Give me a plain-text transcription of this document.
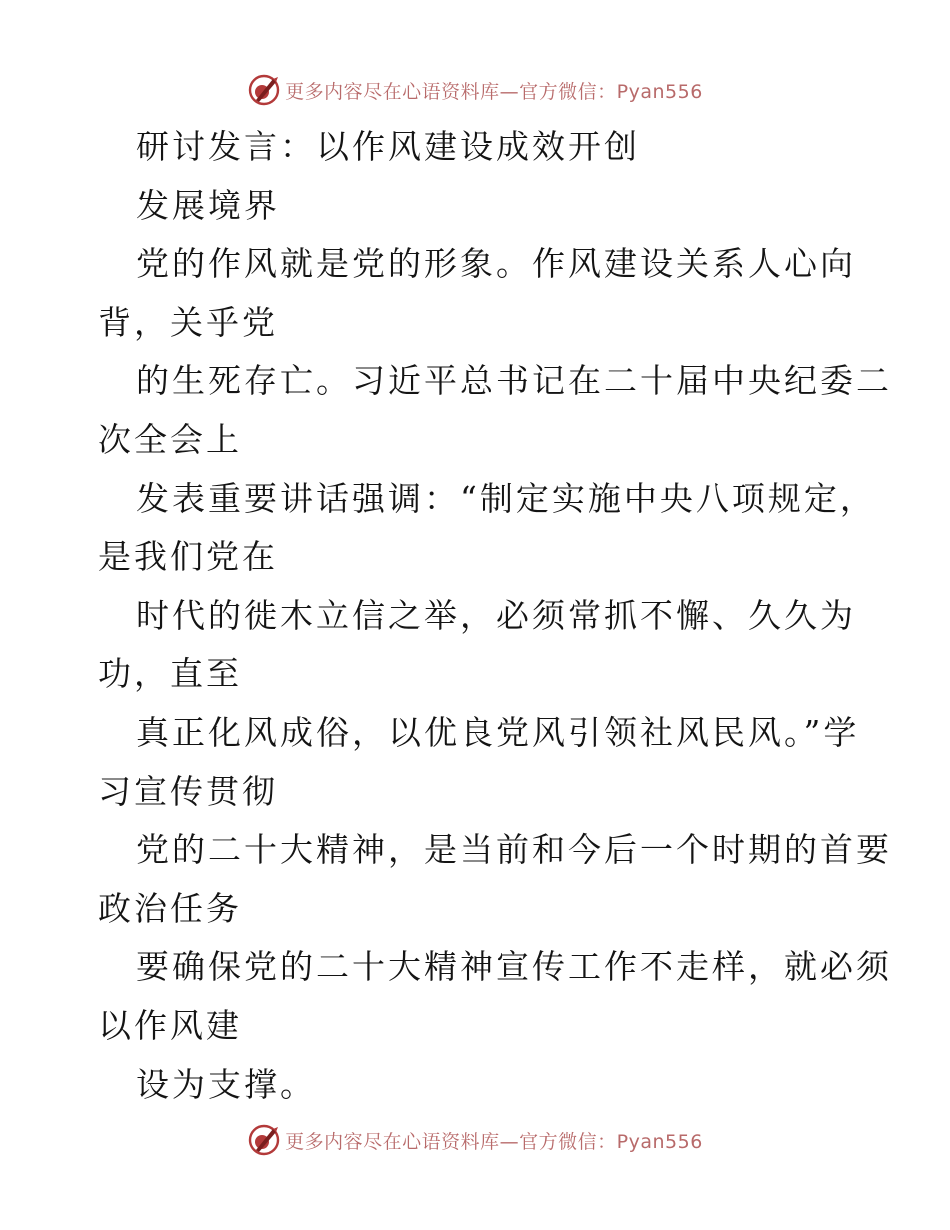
更多内容尽在心语资料库—官方微信：Pyan556
研讨发言：以作风建设成效开创
发展境界
党的作风就是党的形象。作风建设关系人心向
背，关乎党
的生死存亡。习近平总书记在二十届中央纪委二
次全会上
发表重要讲话强调：“制定实施中央八项规定，
是我们党在
时代的徙木立信之举，必须常抓不懈、久久为
功，直至
真正化风成俗，以优良党风引领社风民风。”学
习宣传贯彻
党的二十大精神，是当前和今后一个时期的首要
政治任务
要确保党的二十大精神宣传工作不走样，就必须
以作风建
设为支撑。
更多内容尽在心语资料库—官方微信：Pyan556
